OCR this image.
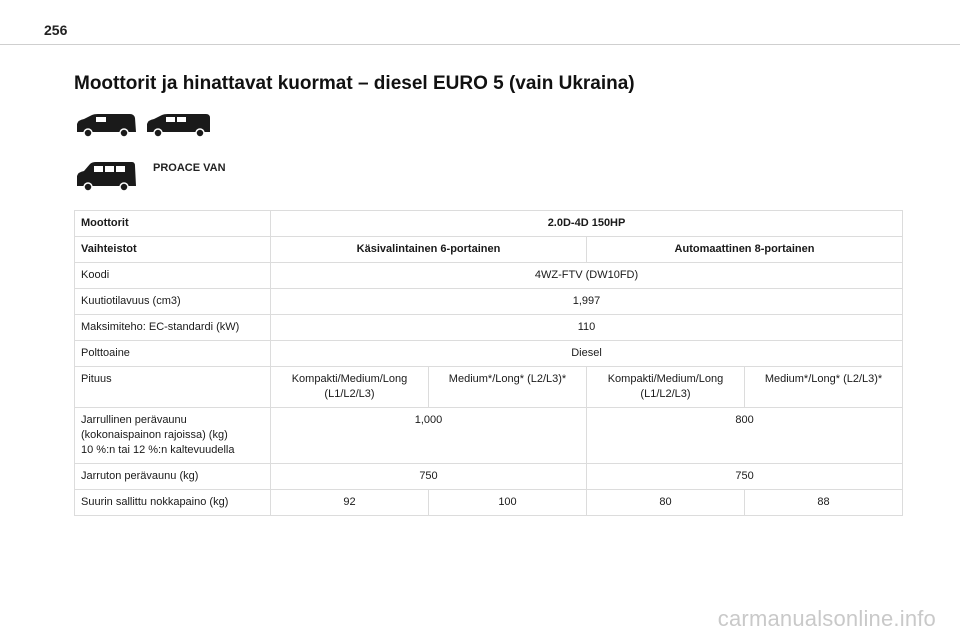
256
Moottorit ja hinattavat kuormat – diesel EURO 5 (vain Ukraina)
PROACE VAN
Moottorit	2.0D-4D 150HP			
Vaihteistot	Käsivalintainen 6-portainen		Automaattinen 8-portainen	
Koodi	4WZ-FTV (DW10FD)			
Kuutiotilavuus (cm3)	1,997			
Maksimiteho: EC-standardi (kW)	110			
Polttoaine	Diesel			
Pituus	Kompakti/Medium/Long (L1/L2/L3)	Medium*/Long* (L2/L3)*	Kompakti/Medium/Long (L1/L2/L3)	Medium*/Long* (L2/L3)*

Jarrullinen perävaunu
(kokonaispainon rajoissa) (kg)
10 %:n tai 12 %:n kaltevuudella	1,000		800	
Jarruton perävaunu (kg)	750		750	
Suurin sallittu nokkapaino (kg)	92	100	80	88
carmanualsonline.info
